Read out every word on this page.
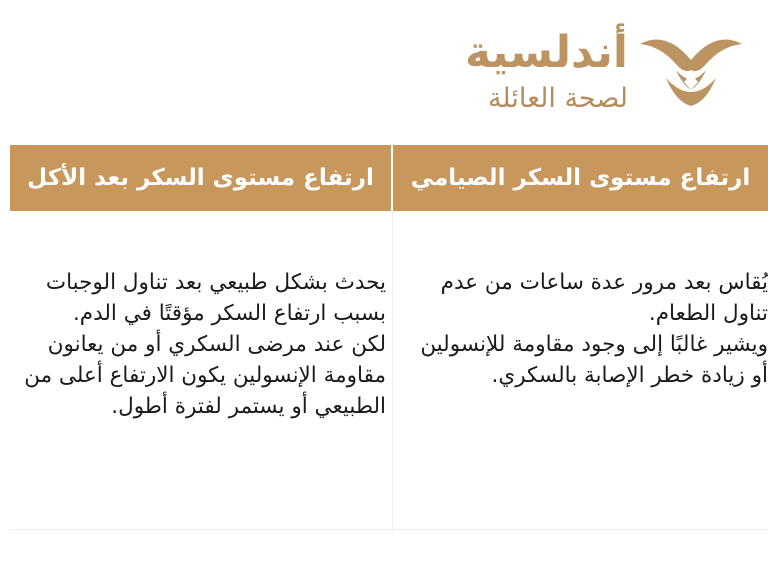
أندلسية
لصحة العائلة
ارتفاع مستوى السكر الصيامي
ارتفاع مستوى السكر بعد الأكل

يُقاس بعد مرور عدة ساعات من عدم تناول الطعام.

ويشير غالبًا إلى وجود مقاومة للإنسولين أو زيادة خطر الإصابة بالسكري.

يحدث بشكل طبيعي بعد تناول الوجبات بسبب ارتفاع السكر مؤقتًا في الدم.

لكن عند مرضى السكري أو من يعانون مقاومة الإنسولين يكون الارتفاع أعلى من الطبيعي أو يستمر لفترة أطول.
